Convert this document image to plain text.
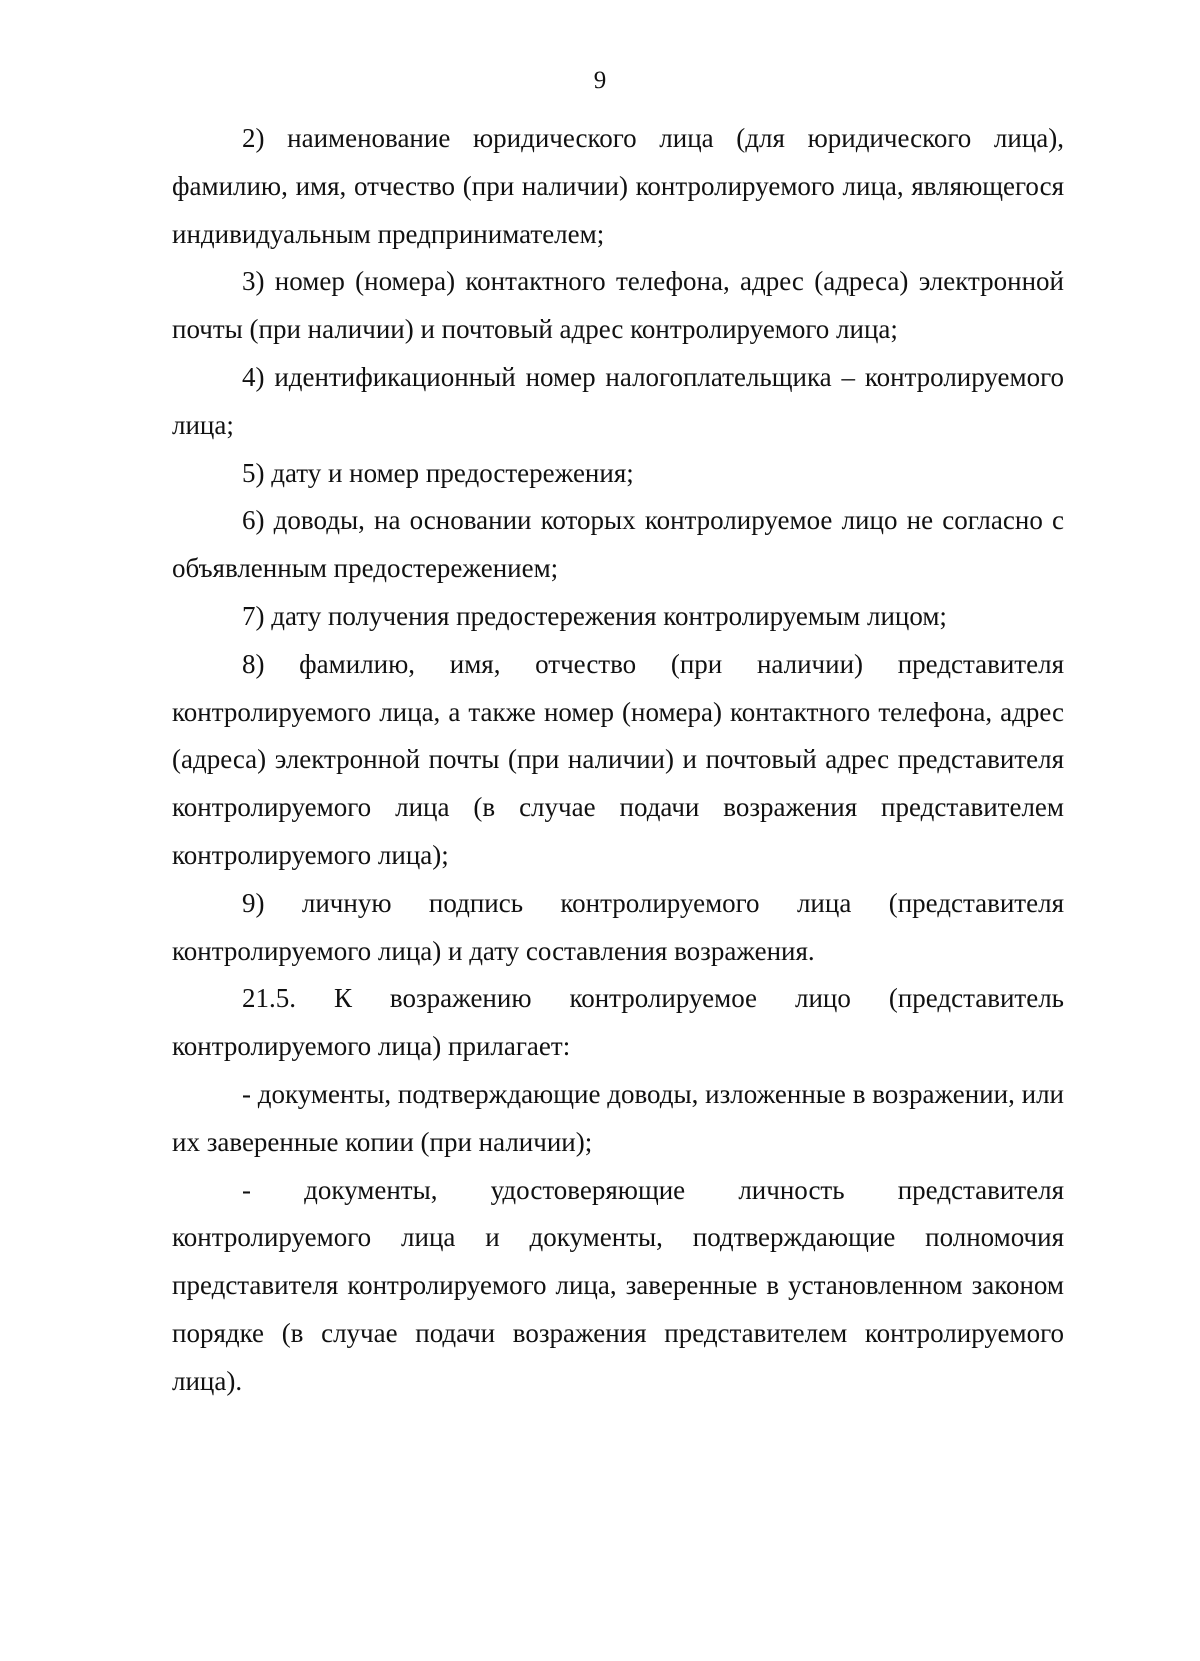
9

2) наименование юридического лица (для юридического лица), фамилию, имя, отчество (при наличии) контролируемого лица, являющегося индивидуальным предпринимателем;

3) номер (номера) контактного телефона, адрес (адреса) электронной почты (при наличии) и почтовый адрес контролируемого лица;

4) идентификационный номер налогоплательщика – контролируемого лица;

5) дату и номер предостережения;

6) доводы, на основании которых контролируемое лицо не согласно с объявленным предостережением;

7) дату получения предостережения контролируемым лицом;

8) фамилию, имя, отчество (при наличии) представителя контролируемого лица, а также номер (номера) контактного телефона, адрес (адреса) электронной почты (при наличии) и почтовый адрес представителя контролируемого лица (в случае подачи возражения представителем контролируемого лица);

9) личную подпись контролируемого лица (представителя контролируемого лица) и дату составления возражения.

21.5. К возражению контролируемое лицо (представитель контролируемого лица) прилагает:

- документы, подтверждающие доводы, изложенные в возражении, или их заверенные копии (при наличии);

- документы, удостоверяющие личность представителя контролируемого лица и документы, подтверждающие полномочия представителя контролируемого лица, заверенные в установленном законом порядке (в случае подачи возражения представителем контролируемого лица).
